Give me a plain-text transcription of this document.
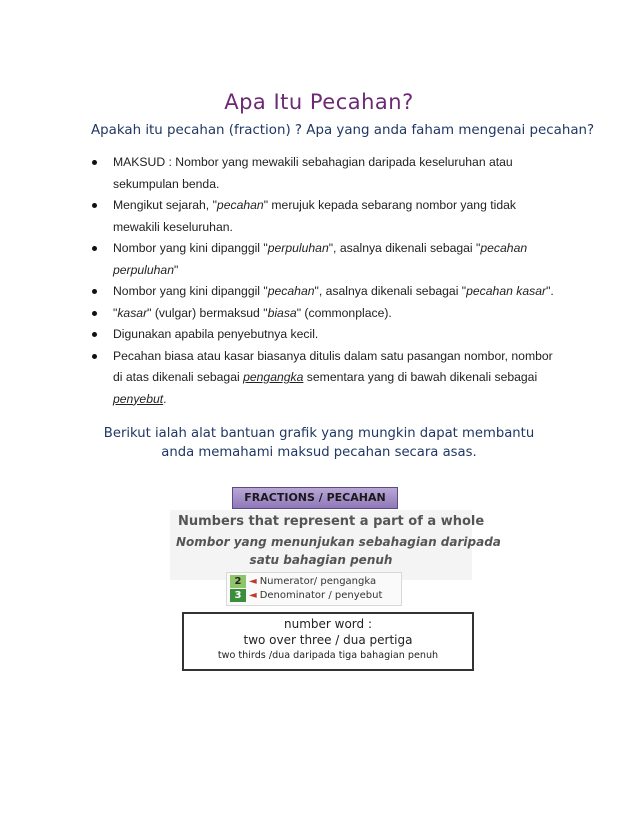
Apa Itu Pecahan?
Apakah itu pecahan (fraction) ? Apa yang anda faham mengenai pecahan?
MAKSUD : Nombor yang mewakili sebahagian daripada keseluruhan atau sekumpulan benda.
Mengikut sejarah, "pecahan" merujuk kepada sebarang nombor yang tidak mewakili keseluruhan.
Nombor yang kini dipanggil "perpuluhan", asalnya dikenali sebagai "pecahan perpuluhan"
Nombor yang kini dipanggil "pecahan", asalnya dikenali sebagai "pecahan kasar".
"kasar" (vulgar) bermaksud "biasa" (commonplace).
Digunakan apabila penyebutnya kecil.
Pecahan biasa atau kasar biasanya ditulis dalam satu pasangan nombor, nombor di atas dikenali sebagai pengangka sementara yang di bawah dikenali sebagai penyebut.
Berikut ialah alat bantuan grafik yang mungkin dapat membantu anda memahami maksud pecahan secara asas.
FRACTIONS / PECAHAN
Numbers that represent a part of a whole
Nombor yang menunjukan sebahagian daripada
satu bahagian penuh
2 ◄ Numerator/ pengangka
3 ◄ Denominator / penyebut
number word :
two over three / dua pertiga
two thirds /dua daripada tiga bahagian penuh
